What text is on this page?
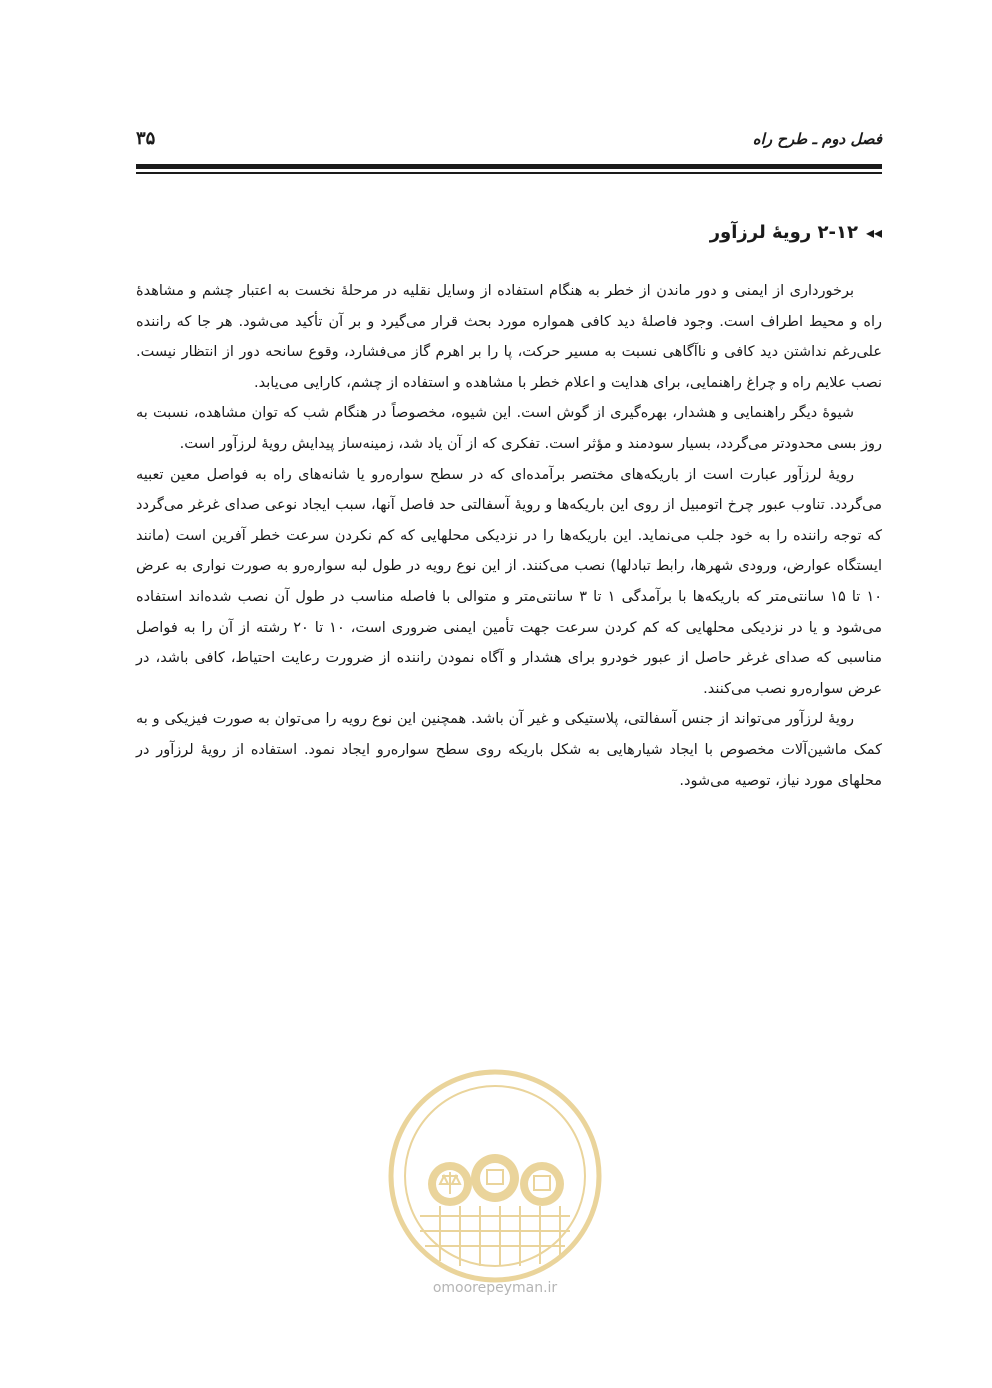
فصل دوم ـ طرح راه
۳۵
◂◂۲-۱۲ رویهٔ لرزآور

برخورداری از ایمنی و دور ماندن از خطر به هنگام استفاده از وسایل نقلیه در مرحلهٔ نخست به اعتبار چشم و مشاهدهٔ راه و محیط اطراف است. وجود فاصلهٔ دید کافی همواره مورد بحث قرار می‌گیرد و بر آن تأکید می‌شود. هر جا که راننده علی‌رغم نداشتن دید کافی و ناآگاهی نسبت به مسیر حرکت، پا را بر اهرم گاز می‌فشارد، وقوع سانحه دور از انتظار نیست. نصب علایم راه و چراغ راهنمایی، برای هدایت و اعلام خطر با مشاهده و استفاده از چشم، کارایی می‌یابد.

شیوهٔ دیگر راهنمایی و هشدار، بهره‌گیری از گوش است. این شیوه، مخصوصاً در هنگام شب که توان مشاهده، نسبت به روز بسی محدودتر می‌گردد، بسیار سودمند و مؤثر است. تفکری که از آن یاد شد، زمینه‌ساز پیدایش رویهٔ لرزآور است.

رویهٔ لرزآور عبارت است از باریکه‌های مختصر برآمده‌ای که در سطح سواره‌رو یا شانه‌های راه به فواصل معین تعبیه می‌گردد. تناوب عبور چرخ اتومبیل از روی این باریکه‌ها و رویهٔ آسفالتی حد فاصل آنها، سبب ایجاد نوعی صدای غرغر می‌گردد که توجه راننده را به خود جلب می‌نماید. این باریکه‌ها را در نزدیکی محلهایی که کم نکردن سرعت خطر آفرین است (مانند ایستگاه عوارض، ورودی شهرها، رابط تبادلها) نصب می‌کنند. از این نوع رویه در طول لبه سواره‌رو به صورت نواری به عرض ۱۰ تا ۱۵ سانتی‌متر که باریکه‌ها با برآمدگی ۱ تا ۳ سانتی‌متر و متوالی با فاصله مناسب در طول آن نصب شده‌اند استفاده می‌شود و یا در نزدیکی محلهایی که کم کردن سرعت جهت تأمین ایمنی ضروری است، ۱۰ تا ۲۰ رشته از آن را به فواصل مناسبی که صدای غرغر حاصل از عبور خودرو برای هشدار و آگاه نمودن راننده از ضرورت رعایت احتیاط، کافی باشد، در عرض سواره‌رو نصب می‌کنند.

رویهٔ لرزآور می‌تواند از جنس آسفالتی، پلاستیکی و غیر آن باشد. همچنین این نوع رویه را می‌توان به صورت فیزیکی و به کمک ماشین‌آلات مخصوص با ایجاد شیارهایی به شکل باریکه روی سطح سواره‌رو ایجاد نمود. استفاده از رویهٔ لرزآور در محلهای مورد نیاز، توصیه می‌شود.

omoorepeyman.ir
